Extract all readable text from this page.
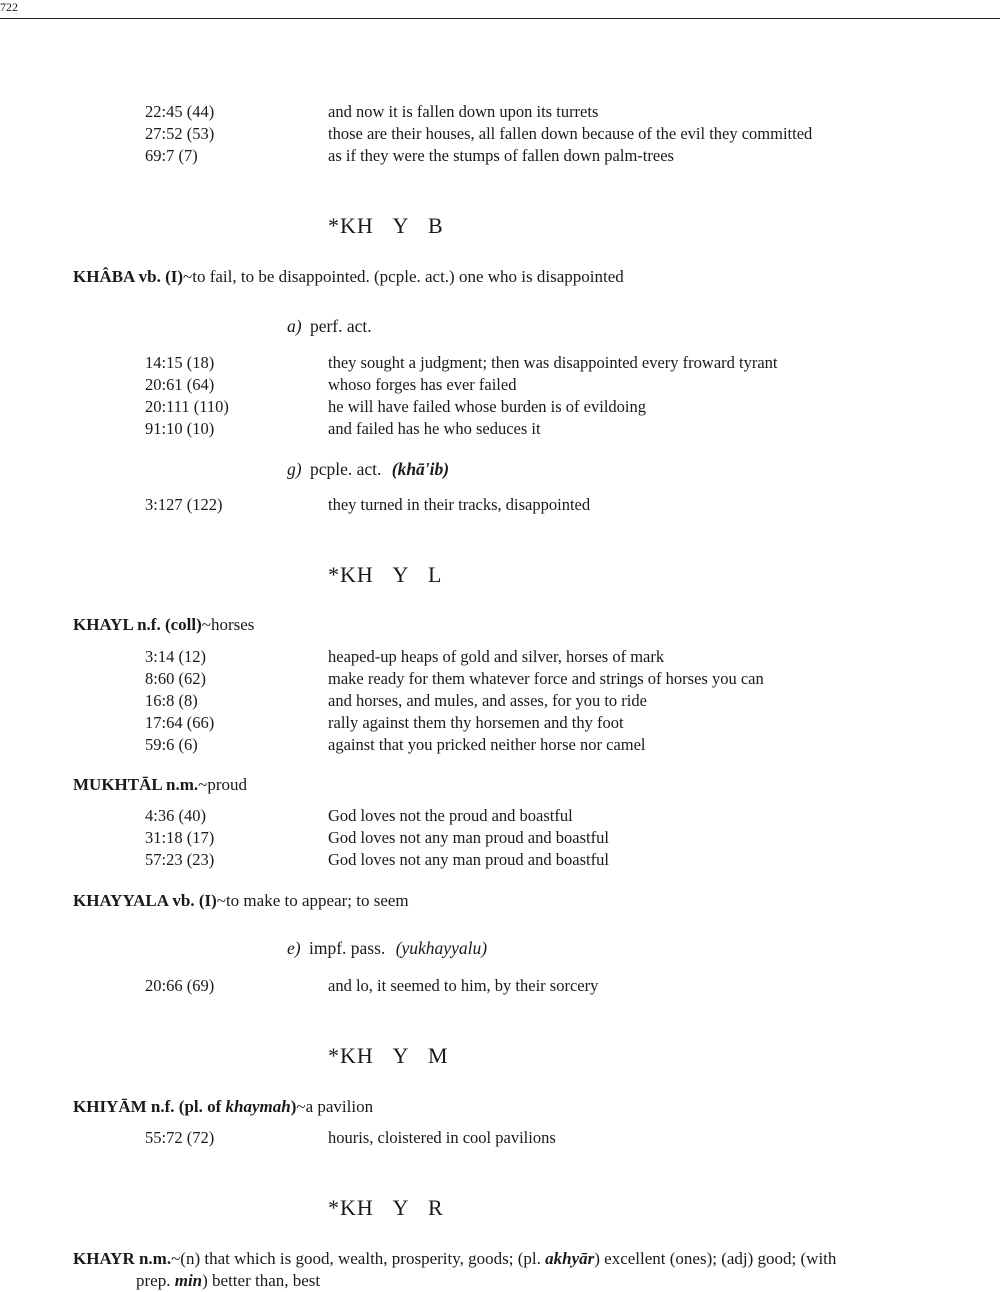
722
22:45 (44)	and now it is fallen down upon its turrets
27:52 (53)	those are their houses, all fallen down because of the evil they committed
69:7 (7)	as if they were the stumps of fallen down palm-trees
*KH   Y   B
KHÂBA vb. (I)~to fail, to be disappointed. (pcple. act.) one who is disappointed
a) perf. act.
14:15 (18)	they sought a judgment; then was disappointed every froward tyrant
20:61 (64)	whoso forges has ever failed
20:111 (110)	he will have failed whose burden is of evildoing
91:10 (10)	and failed has he who seduces it
g) pcple. act. (khā'ib)
3:127 (122)	they turned in their tracks, disappointed
*KH   Y   L
KHAYL n.f. (coll)~horses
3:14 (12)	heaped-up heaps of gold and silver, horses of mark
8:60 (62)	make ready for them whatever force and strings of horses you can
16:8 (8)	and horses, and mules, and asses, for you to ride
17:64 (66)	rally against them thy horsemen and thy foot
59:6 (6)	against that you pricked neither horse nor camel
MUKHTĀL n.m.~proud
4:36 (40)	God loves not the proud and boastful
31:18 (17)	God loves not any man proud and boastful
57:23 (23)	God loves not any man proud and boastful
KHAYYALA vb. (I)~to make to appear; to seem
e) impf. pass. (yukhayyalu)
20:66 (69)	and lo, it seemed to him, by their sorcery
*KH   Y   M
KHIYĀM n.f. (pl. of khaymah)~a pavilion
55:72 (72)	houris, cloistered in cool pavilions
*KH   Y   R
KHAYR n.m.~(n) that which is good, wealth, prosperity, goods; (pl. akhyār) excellent (ones); (adj) good; (with
prep. min) better than, best
